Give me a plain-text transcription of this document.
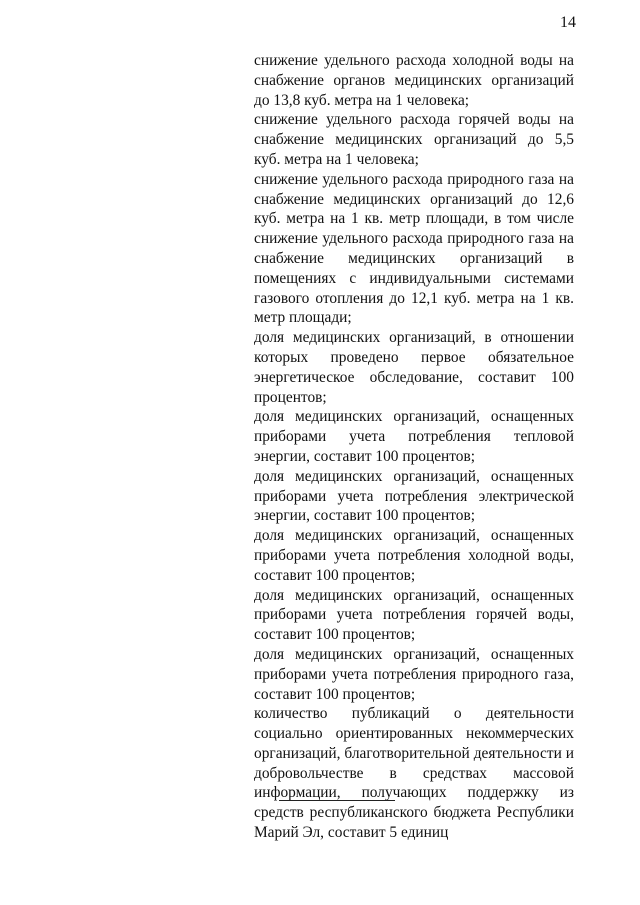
14

снижение удельного расхода холодной воды на снабжение органов медицинских организаций до 13,8 куб. метра на 1 человека;

снижение удельного расхода горячей воды на снабжение медицинских организаций до 5,5 куб. метра на 1 человека;

снижение удельного расхода природного газа на снабжение медицинских организаций до 12,6 куб. метра на 1 кв. метр площади, в том числе снижение удельного расхода природного газа на снабжение медицинских организаций в помещениях с индивидуальными системами газового отопления до 12,1 куб. метра на 1 кв. метр площади;

доля медицинских организаций, в отношении которых проведено первое обязательное энергетическое обследование, составит 100 процентов;

доля медицинских организаций, оснащенных приборами учета потребления тепловой энергии, составит 100 процентов;

доля медицинских организаций, оснащенных приборами учета потребления электрической энергии, составит 100 процентов;

доля медицинских организаций, оснащенных приборами учета потребления холодной воды, составит 100 процентов;

доля медицинских организаций, оснащенных приборами учета потребления горячей воды, составит 100 процентов;

доля медицинских организаций, оснащенных приборами учета потребления природного газа, составит 100 процентов;

количество публикаций о деятельности социально ориентированных некоммерческих организаций, благотворительной деятельности и добровольчестве в средствах массовой информации, получающих поддержку из средств республиканского бюджета Республики Марий Эл, составит 5 единиц
